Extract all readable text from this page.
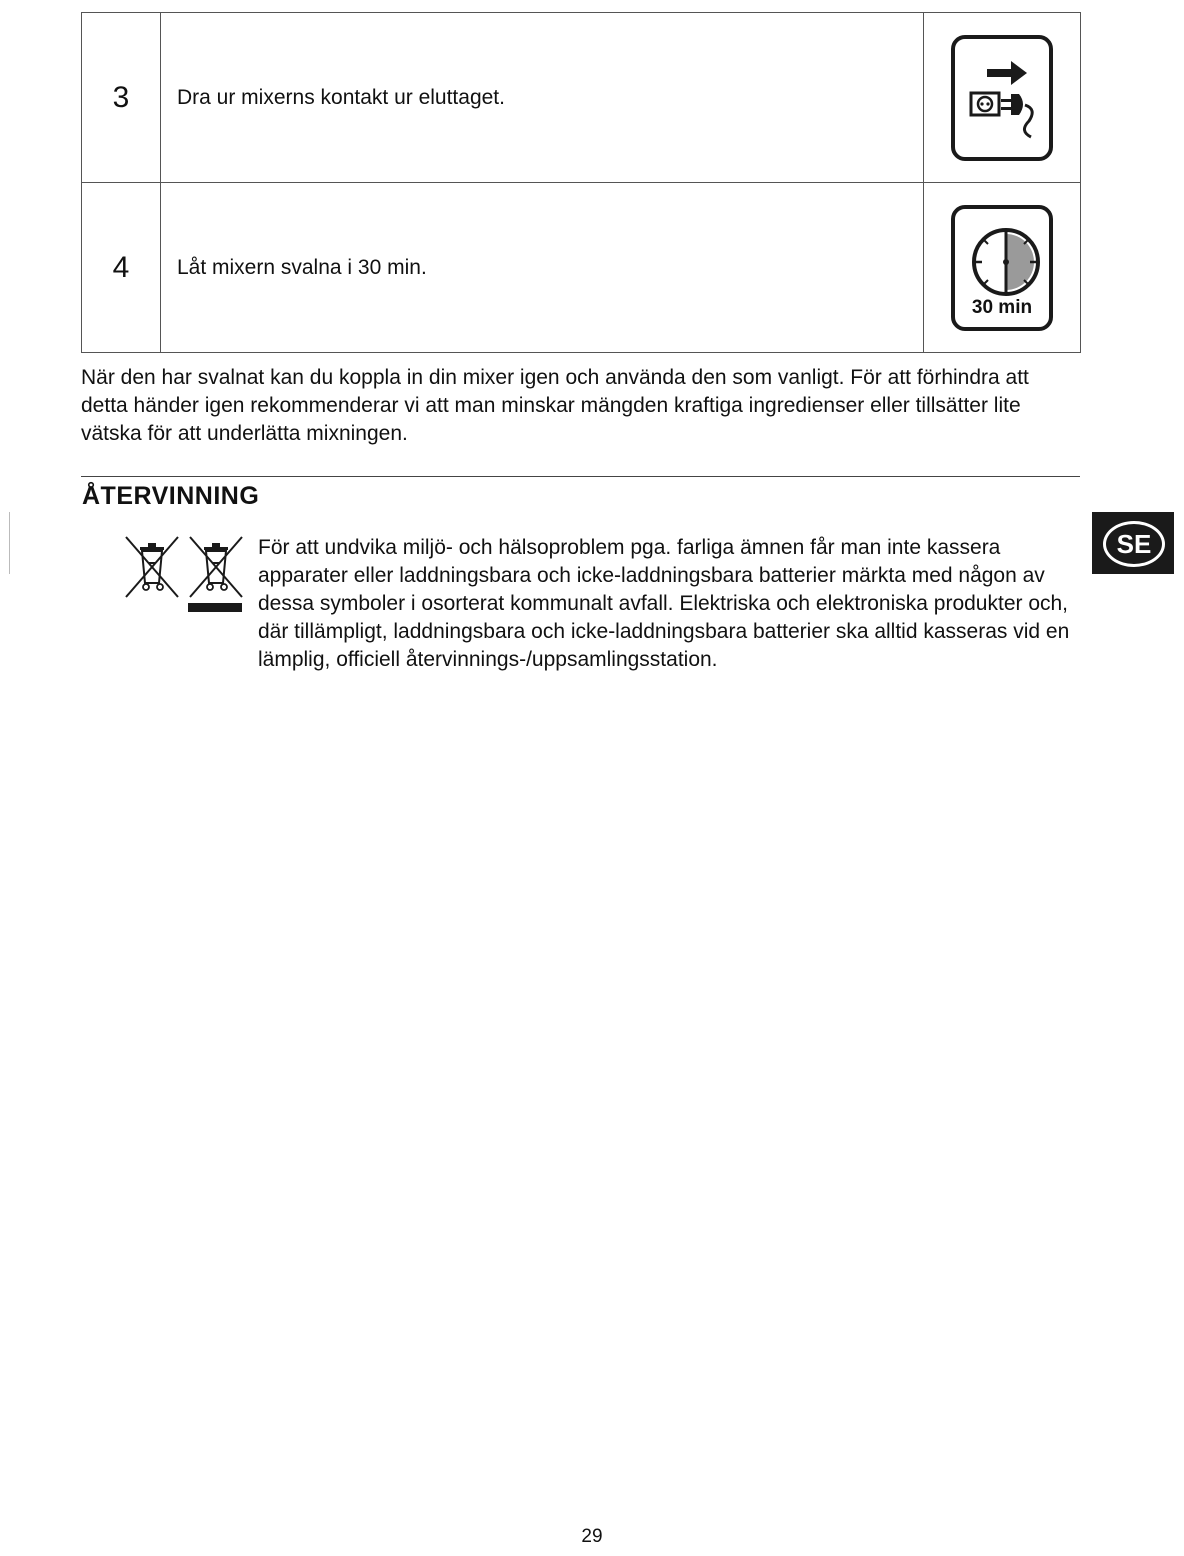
3	Dra ur mixerns kontakt ur eluttaget.	

4	Låt mixern svalna i 30 min.	30 min
När den har svalnat kan du koppla in din mixer igen och använda den som vanligt. För att förhindra att detta händer igen rekommenderar vi att man minskar mängden kraftiga ingredienser eller tillsätter lite vätska för att underlätta mixningen.
ÅTERVINNING
För att undvika miljö- och hälsoproblem pga. farliga ämnen får man inte kassera apparater eller laddningsbara och icke-laddningsbara batterier märkta med någon av dessa symboler i osorterat kommunalt avfall. Elektriska och elektroniska produkter och, där tillämpligt, laddningsbara och icke-laddningsbara batterier ska alltid kasseras vid en lämplig, officiell återvinnings-/uppsamlingsstation.
SE
29
